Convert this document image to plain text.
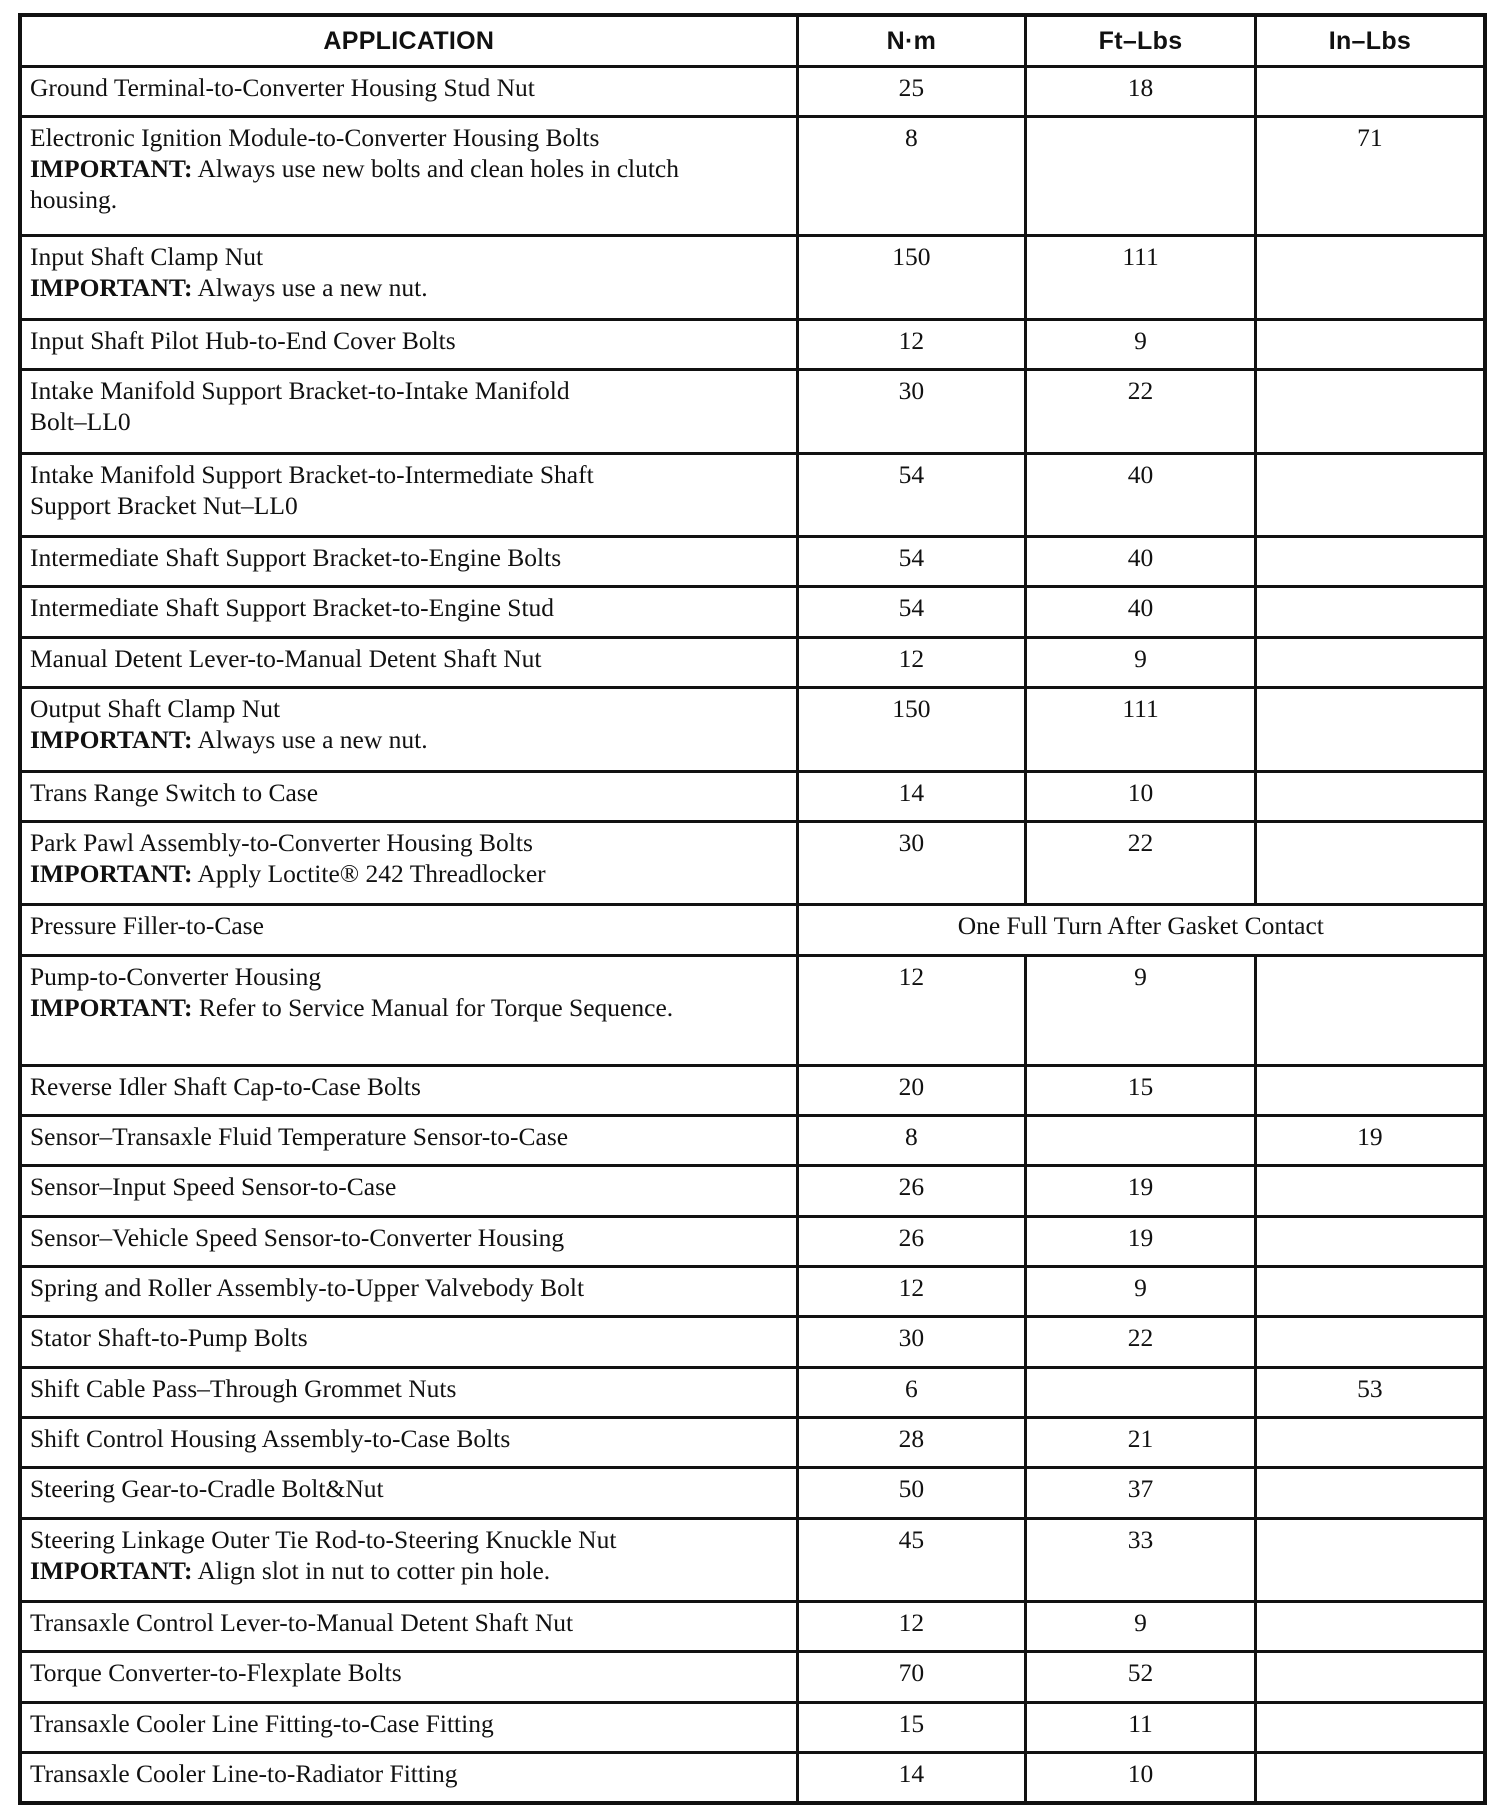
APPLICATION	N·m	Ft–Lbs	In–Lbs

Ground Terminal-to-Converter Housing Stud Nut	25	18	

Electronic Ignition Module-to-Converter Housing Bolts
IMPORTANT: Always use new bolts and clean holes in clutch housing.	8		71

Input Shaft Clamp Nut
IMPORTANT: Always use a new nut.	150	111	

Input Shaft Pilot Hub-to-End Cover Bolts	12	9	

Intake Manifold Support Bracket-to-Intake Manifold Bolt–LL0	30	22	

Intake Manifold Support Bracket-to-Intermediate Shaft Support Bracket Nut–LL0	54	40	

Intermediate Shaft Support Bracket-to-Engine Bolts	54	40	

Intermediate Shaft Support Bracket-to-Engine Stud	54	40	

Manual Detent Lever-to-Manual Detent Shaft Nut	12	9	

Output Shaft Clamp Nut
IMPORTANT: Always use a new nut.	150	111	

Trans Range Switch to Case	14	10	

Park Pawl Assembly-to-Converter Housing Bolts
IMPORTANT: Apply Loctite® 242 Threadlocker	30	22	

Pressure Filler-to-Case	One Full Turn After Gasket Contact		

Pump-to-Converter Housing
IMPORTANT: Refer to Service Manual for Torque Sequence.	12	9	

Reverse Idler Shaft Cap-to-Case Bolts	20	15	

Sensor–Transaxle Fluid Temperature Sensor-to-Case	8		19

Sensor–Input Speed Sensor-to-Case	26	19	

Sensor–Vehicle Speed Sensor-to-Converter Housing	26	19	

Spring and Roller Assembly-to-Upper Valvebody Bolt	12	9	

Stator Shaft-to-Pump Bolts	30	22	

Shift Cable Pass–Through Grommet Nuts	6		53

Shift Control Housing Assembly-to-Case Bolts	28	21	

Steering Gear-to-Cradle Bolt&Nut	50	37	

Steering Linkage Outer Tie Rod-to-Steering Knuckle Nut
IMPORTANT: Align slot in nut to cotter pin hole.	45	33	

Transaxle Control Lever-to-Manual Detent Shaft Nut	12	9	

Torque Converter-to-Flexplate Bolts	70	52	

Transaxle Cooler Line Fitting-to-Case Fitting	15	11	

Transaxle Cooler Line-to-Radiator Fitting	14	10	
